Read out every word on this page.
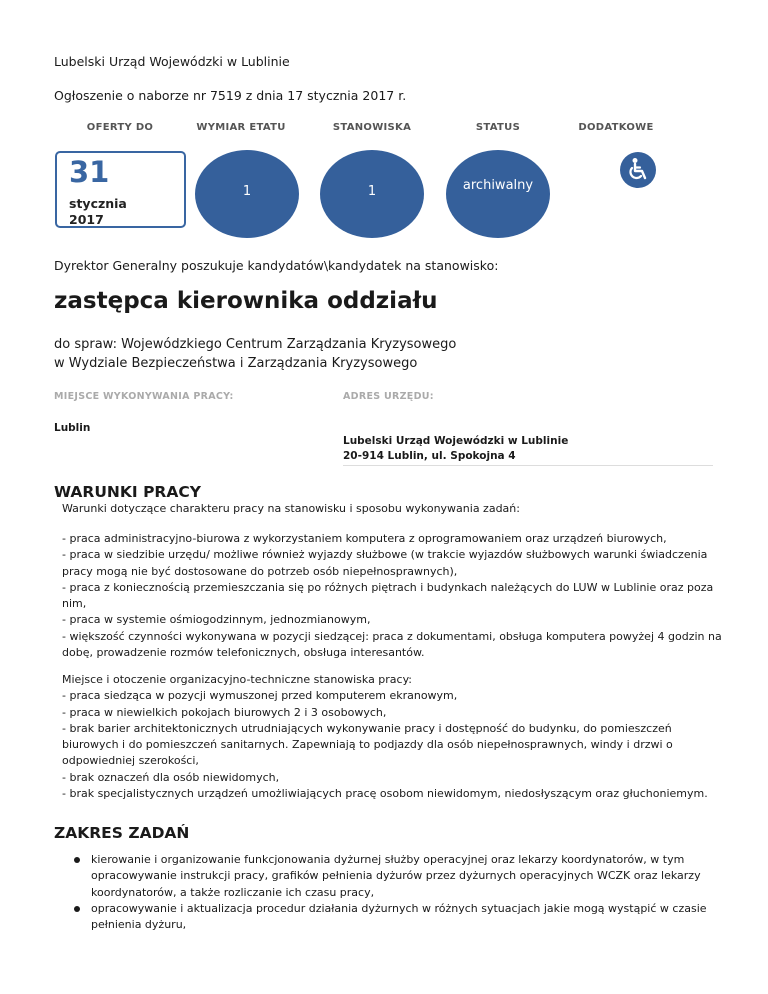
Lubelski Urząd Wojewódzki w Lublinie
Ogłoszenie o naborze nr 7519 z dnia 17 stycznia 2017 r.
OFERTY DO	WYMIAR ETATU	STANOWISKA	STATUS	DODATKOWE
31
stycznia
2017
1	1	archiwalny
Dyrektor Generalny poszukuje kandydatów\kandydatek na stanowisko:
zastępca kierownika oddziału
do spraw: Wojewódzkiego Centrum Zarządzania Kryzysowego
w Wydziale Bezpieczeństwa i Zarządzania Kryzysowego
MIEJSCE WYKONYWANIA PRACY:	ADRES URZĘDU:
Lublin
Lubelski Urząd Wojewódzki w Lublinie
20-914 Lublin, ul. Spokojna 4
WARUNKI PRACY
Warunki dotyczące charakteru pracy na stanowisku i sposobu wykonywania zadań:
- praca administracyjno-biurowa z wykorzystaniem komputera z oprogramowaniem oraz urządzeń biurowych,
- praca w siedzibie urzędu/ możliwe również wyjazdy służbowe (w trakcie wyjazdów służbowych warunki świadczenia pracy mogą nie być dostosowane do potrzeb osób niepełnosprawnych),
- praca z koniecznością przemieszczania się po różnych piętrach i budynkach należących do LUW w Lublinie oraz poza nim,
- praca w systemie ośmiogodzinnym, jednozmianowym,
- większość czynności wykonywana w pozycji siedzącej: praca z dokumentami, obsługa komputera powyżej 4 godzin na dobę, prowadzenie rozmów telefonicznych, obsługa interesantów.
Miejsce i otoczenie organizacyjno-techniczne stanowiska pracy:
- praca siedząca w pozycji wymuszonej przed komputerem ekranowym,
- praca w niewielkich pokojach biurowych 2 i 3 osobowych,
- brak barier architektonicznych utrudniających wykonywanie pracy i dostępność do budynku, do pomieszczeń biurowych i do pomieszczeń sanitarnych. Zapewniają to podjazdy dla osób niepełnosprawnych, windy i drzwi o odpowiedniej szerokości,
- brak oznaczeń dla osób niewidomych,
- brak specjalistycznych urządzeń umożliwiających pracę osobom niewidomym, niedosłyszącym oraz głuchoniemym.
ZAKRES ZADAŃ
kierowanie i organizowanie funkcjonowania dyżurnej służby operacyjnej oraz lekarzy koordynatorów, w tym opracowywanie instrukcji pracy, grafików pełnienia dyżurów przez dyżurnych operacyjnych WCZK oraz lekarzy koordynatorów, a także rozliczanie ich czasu pracy,
opracowywanie i aktualizacja procedur działania dyżurnych w różnych sytuacjach jakie mogą wystąpić w czasie pełnienia dyżuru,
